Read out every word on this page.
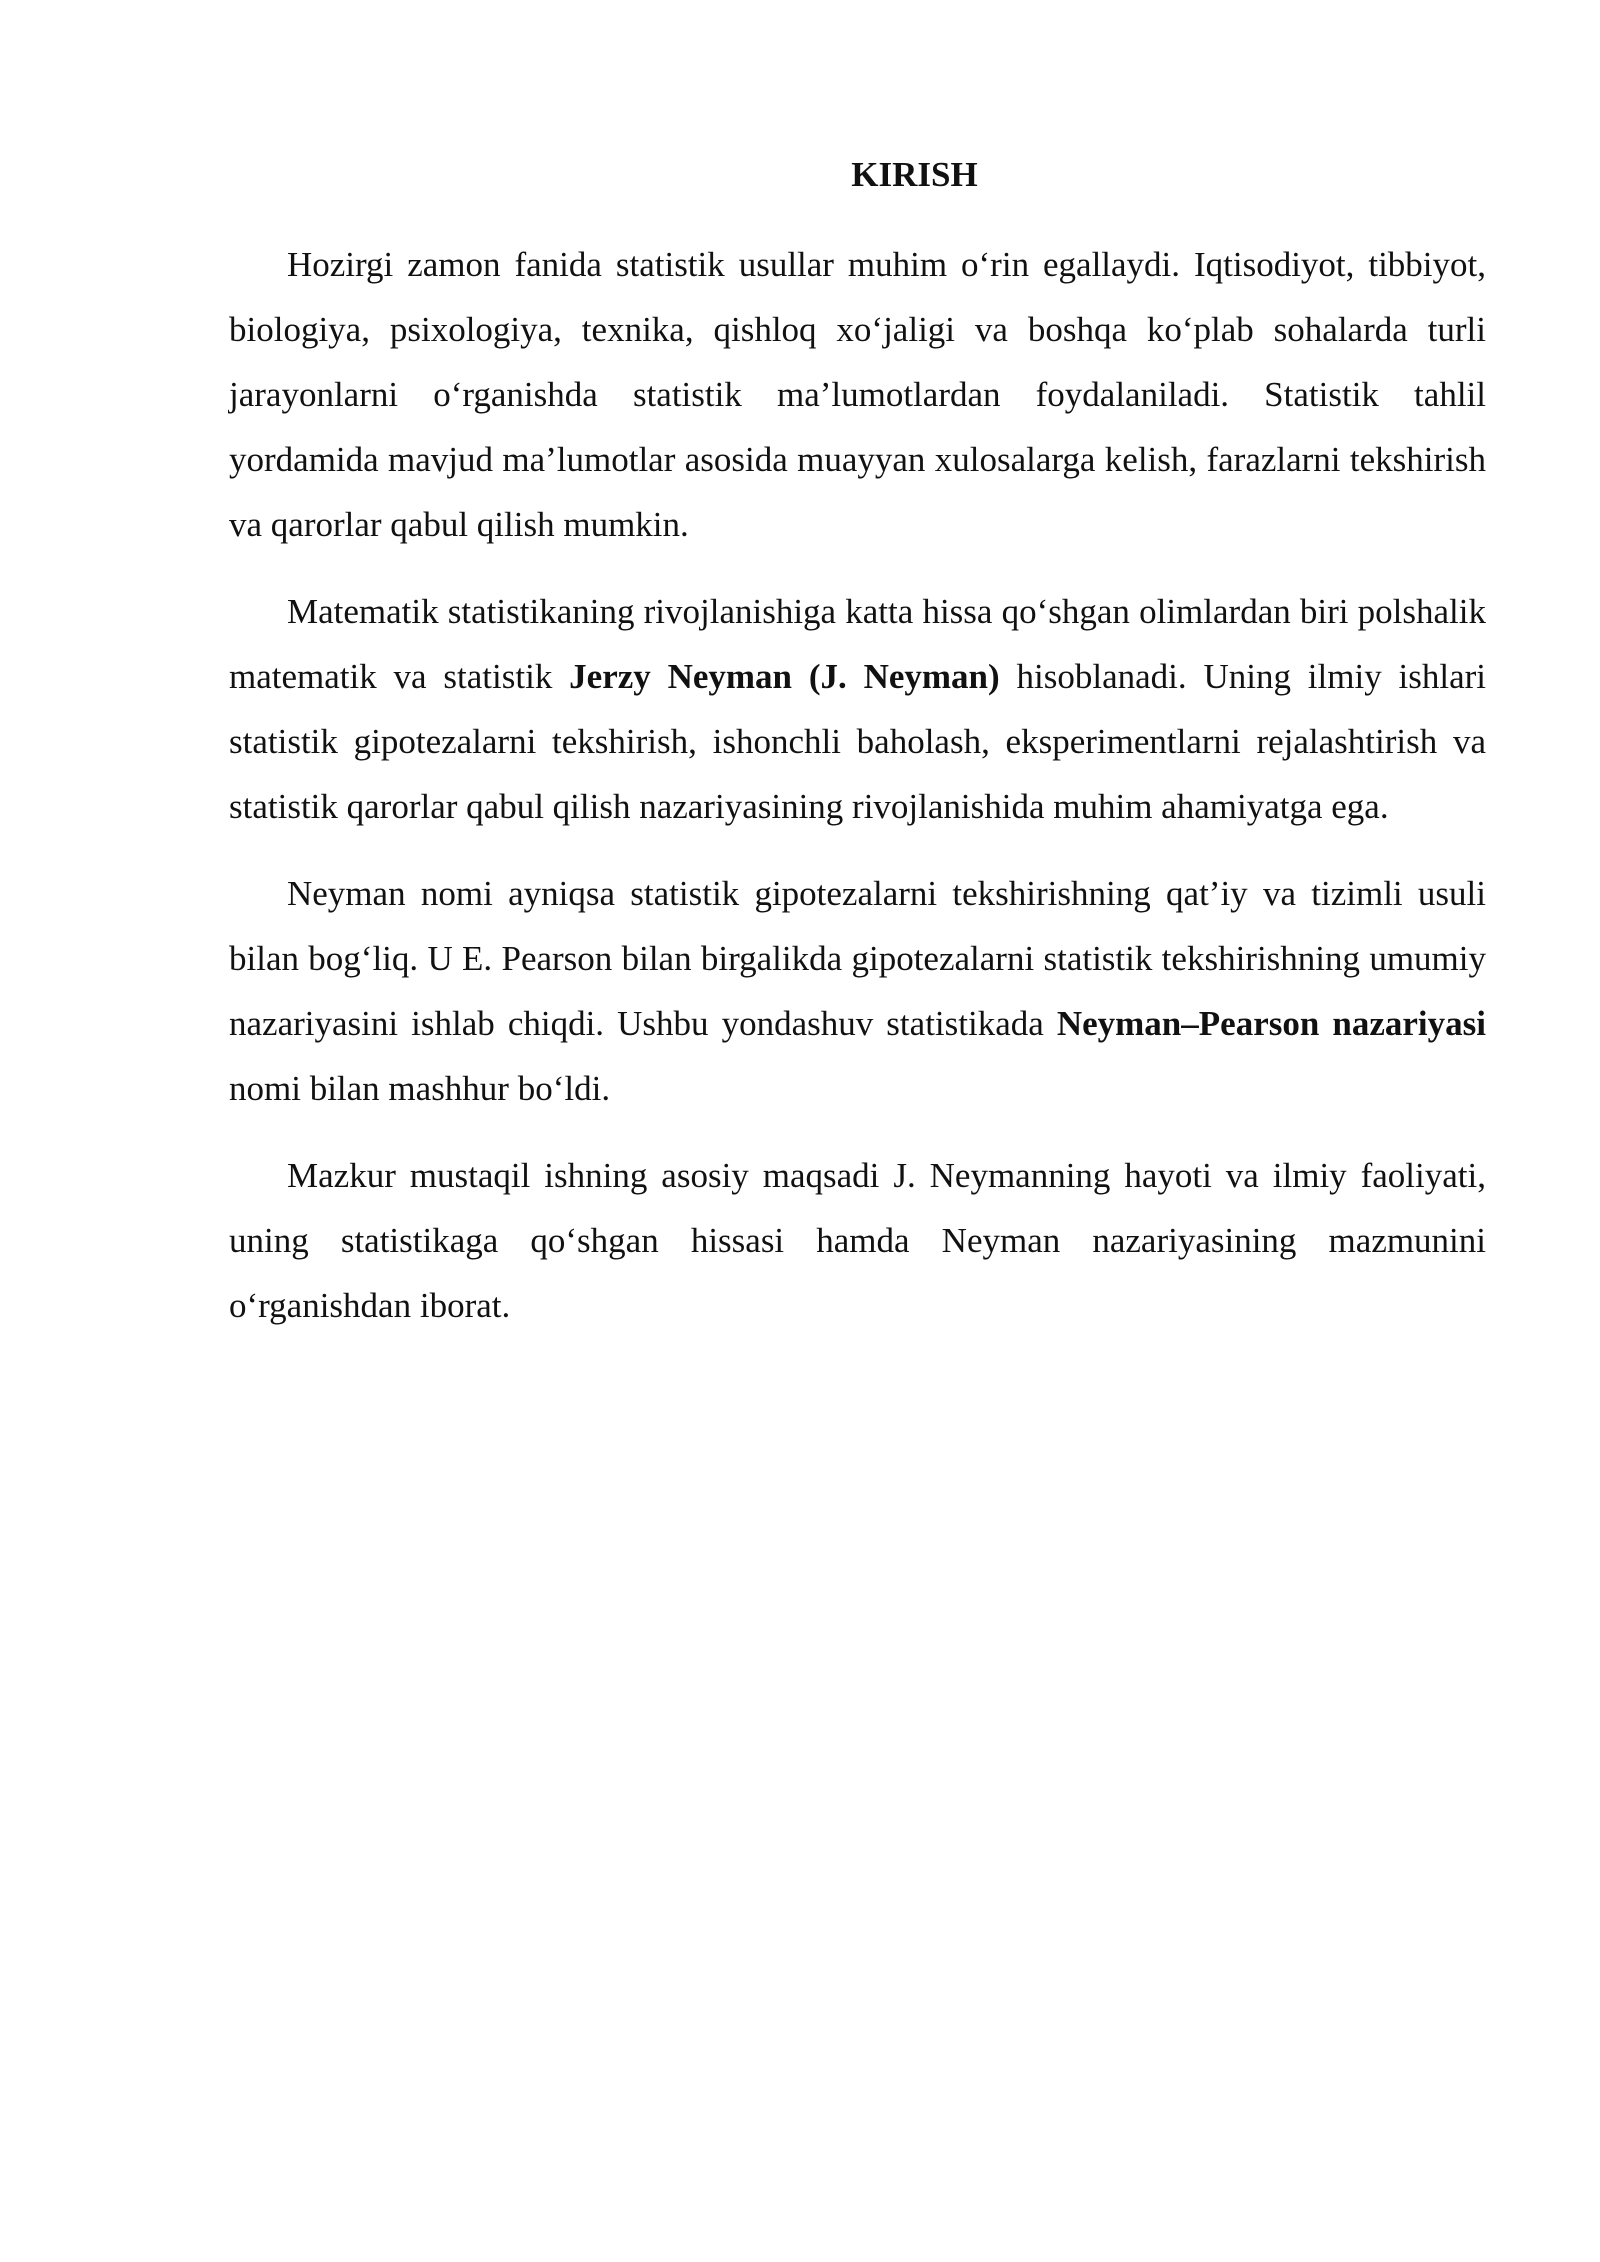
KIRISH

Hozirgi zamon fanida statistik usullar muhim o‘rin egallaydi. Iqtisodiyot, tibbiyot, biologiya, psixologiya, texnika, qishloq xo‘jaligi va boshqa ko‘plab sohalarda turli jarayonlarni o‘rganishda statistik ma’lumotlardan foydalaniladi. Statistik tahlil yordamida mavjud ma’lumotlar asosida muayyan xulosalarga kelish, farazlarni tekshirish va qarorlar qabul qilish mumkin.

Matematik statistikaning rivojlanishiga katta hissa qo‘shgan olimlardan biri polshalik matematik va statistik Jerzy Neyman (J. Neyman) hisoblanadi. Uning ilmiy ishlari statistik gipotezalarni tekshirish, ishonchli baholash, eksperimentlarni rejalashtirish va statistik qarorlar qabul qilish nazariyasining rivojlanishida muhim ahamiyatga ega.

Neyman nomi ayniqsa statistik gipotezalarni tekshirishning qat’iy va tizimli usuli bilan bog‘liq. U E. Pearson bilan birgalikda gipotezalarni statistik tekshirishning umumiy nazariyasini ishlab chiqdi. Ushbu yondashuv statistikada Neyman–Pearson nazariyasi nomi bilan mashhur bo‘ldi.

Mazkur mustaqil ishning asosiy maqsadi J. Neymanning hayoti va ilmiy faoliyati, uning statistikaga qo‘shgan hissasi hamda Neyman nazariyasining mazmunini o‘rganishdan iborat.
